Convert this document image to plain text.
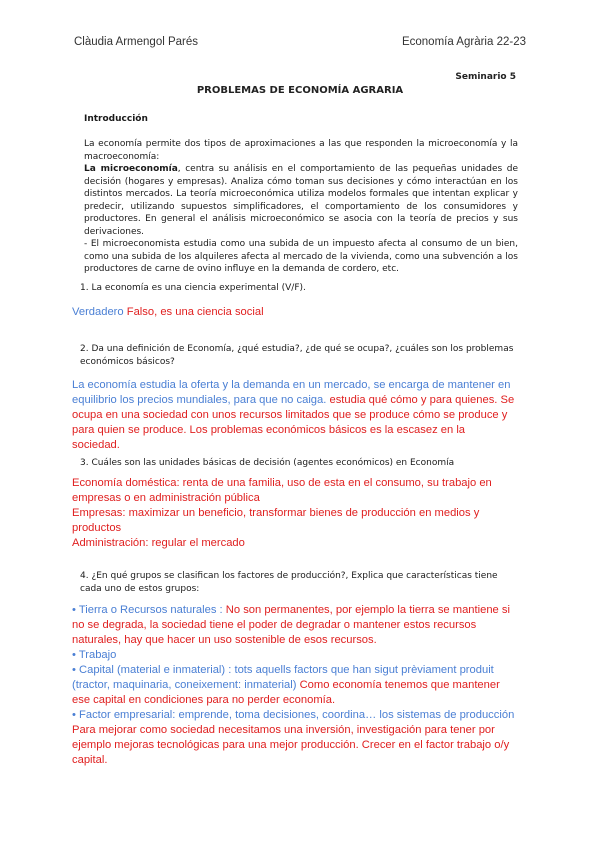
Clàudia Armengol Parés	Economía Agrària 22-23
Seminario 5
PROBLEMAS DE ECONOMÍA AGRARIA
Introducción

La economía permite dos tipos de aproximaciones a las que responden la microeconomía y la macroeconomía:

La microeconomía, centra su análisis en el comportamiento de las pequeñas unidades de decisión (hogares y empresas). Analiza cómo toman sus decisiones y cómo interactúan en los distintos mercados. La teoría microeconómica utiliza modelos formales que intentan explicar y predecir, utilizando supuestos simplificadores, el comportamiento de los consumidores y productores. En general el análisis microeconómico se asocia con la teoría de precios y sus derivaciones.

- El microeconomista estudia como una subida de un impuesto afecta al consumo de un bien, como una subida de los alquileres afecta al mercado de la vivienda, como una subvención a los productores de carne de ovino influye en la demanda de cordero, etc.

1. La economía es una ciencia experimental (V/F).
Verdadero Falso, es una ciencia social
2. Da una definición de Economía, ¿qué estudia?, ¿de qué se ocupa?, ¿cuáles son los problemas económicos básicos?
La economía estudia la oferta y la demanda en un mercado, se encarga de mantener en equilibrio los precios mundiales, para que no caiga. estudia qué cómo y para quienes. Se ocupa en una sociedad con unos recursos limitados que se produce cómo se produce y para quien se produce. Los problemas económicos básicos es la escasez en la sociedad.
3. Cuáles son las unidades básicas de decisión (agentes económicos) en Economía

Economía doméstica: renta de una familia, uso de esta en el consumo, su trabajo en empresas o en administración pública

Empresas: maximizar un beneficio, transformar bienes de producción en medios y productos

Administración: regular el mercado

4. ¿En qué grupos se clasifican los factores de producción?, Explica que características tiene cada uno de estos grupos:

• Tierra o Recursos naturales : No son permanentes, por ejemplo la tierra se mantiene si no se degrada, la sociedad tiene el poder de degradar o mantener estos recursos naturales, hay que hacer un uso sostenible de esos recursos.

• Trabajo

• Capital (material e inmaterial) : tots aquells factors que han sigut prèviament produit (tractor, maquinaria, coneixement: inmaterial) Como economía tenemos que mantener ese capital en condiciones para no perder economía.

• Factor empresarial: emprende, toma decisiones, coordina… los sistemas de producción Para mejorar como sociedad necesitamos una inversión, investigación para tener por ejemplo mejoras tecnológicas para una mejor producción. Crecer en el factor trabajo o/y capital.
